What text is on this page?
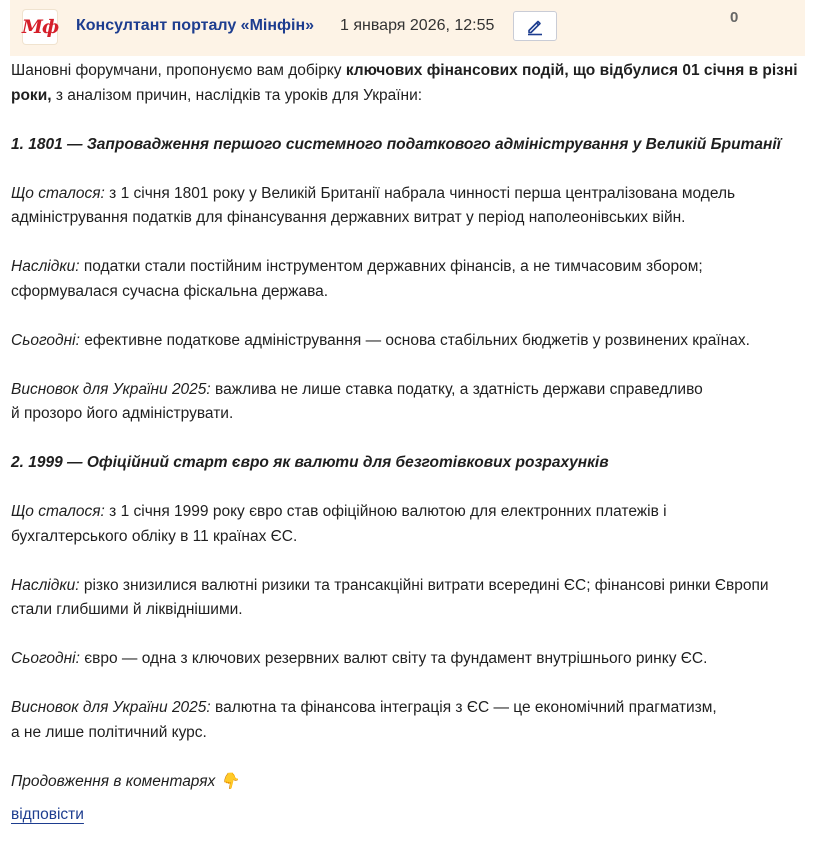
Мф Консултант порталу «Мінфін» 1 января 2026, 12:55	0

Шановні форумчани, пропонуємо вам добірку ключових фінансових подій, що відбулися 01 січня в різні роки, з аналізом причин, наслідків та уроків для України:

1. 1801 — Запровадження першого системного податкового адміністрування у Великій Британії

Що сталося: з 1 січня 1801 року у Великій Британії набрала чинності перша централізована модель

адміністрування податків для фінансування державних витрат у період наполеонівських війн.

Наслідки: податки стали постійним інструментом державних фінансів, а не тимчасовим збором;

сформувалася сучасна фіскальна держава.

Сьогодні: ефективне податкове адміністрування — основа стабільних бюджетів у розвинених країнах.

Висновок для України 2025: важлива не лише ставка податку, а здатність держави справедливо

й прозоро його адмініструвати.

2. 1999 — Офіційний старт євро як валюти для безготівкових розрахунків

Що сталося: з 1 січня 1999 року євро став офіційною валютою для електронних платежів і

бухгалтерського обліку в 11 країнах ЄС.

Наслідки: різко знизилися валютні ризики та трансакційні витрати всередині ЄС; фінансові ринки Європи

стали глибшими й ліквіднішими.

Сьогодні: євро — одна з ключових резервних валют світу та фундамент внутрішнього ринку ЄС.

Висновок для України 2025: валютна та фінансова інтеграція з ЄС — це економічний прагматизм,

а не лише політичний курс.

Продовження в коментарях 👇

відповісти
